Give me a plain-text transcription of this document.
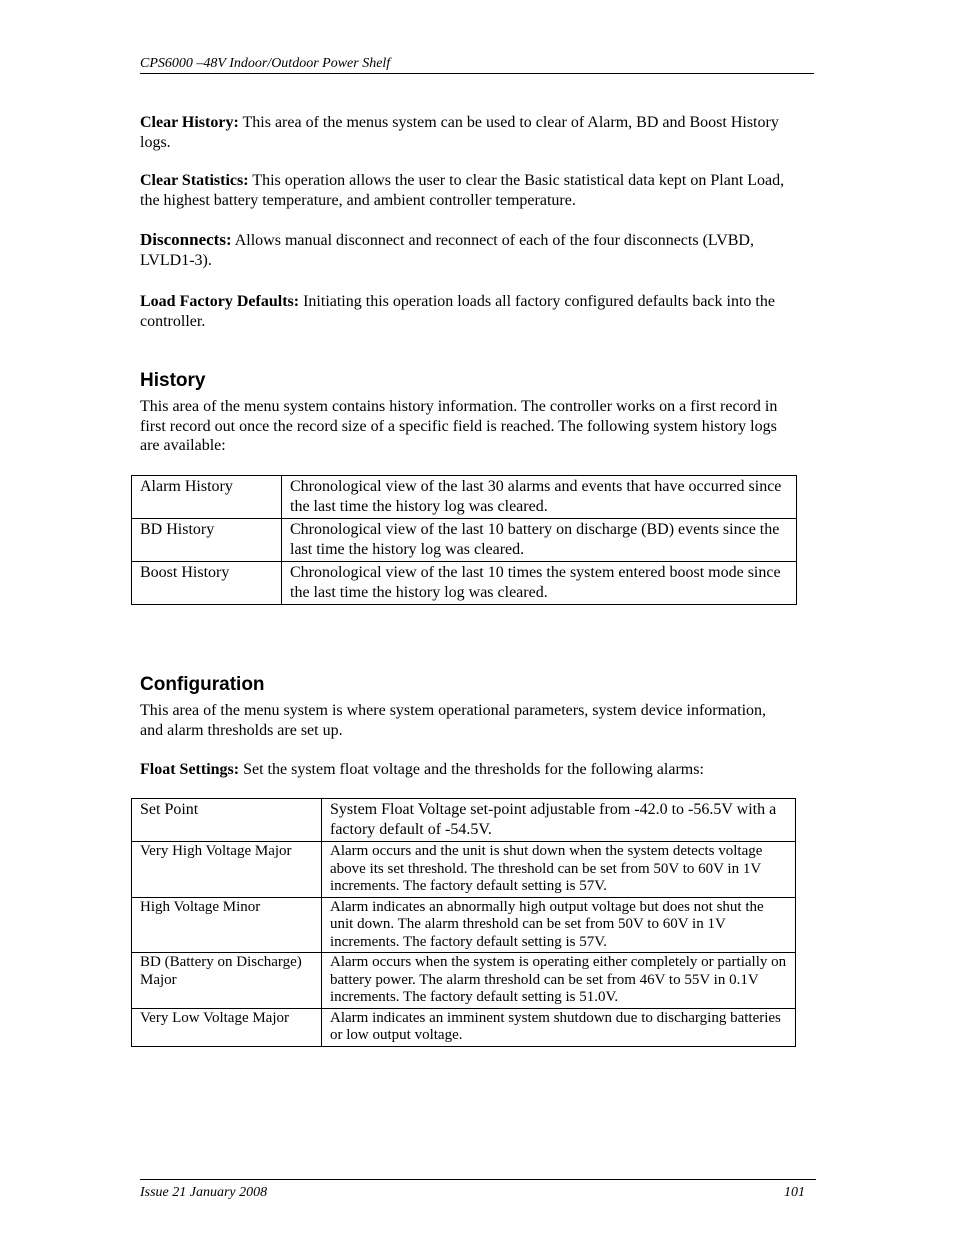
CPS6000 –48V Indoor/Outdoor Power Shelf
Clear History: This area of the menus system can be used to clear of Alarm, BD and Boost History logs.
Clear Statistics: This operation allows the user to clear the Basic statistical data kept on Plant Load, the highest battery temperature, and ambient controller temperature.
Disconnects: Allows manual disconnect and reconnect of each of the four disconnects (LVBD, LVLD1-3).
Load Factory Defaults: Initiating this operation loads all factory configured defaults back into the controller.
History
This area of the menu system contains history information. The controller works on a first record in first record out once the record size of a specific field is reached. The following system history logs are available:
Alarm History	Chronological view of the last 30 alarms and events that have occurred since the last time the history log was cleared.
BD History	Chronological view of the last 10 battery on discharge (BD) events since the last time the history log was cleared.
Boost History	Chronological view of the last 10 times the system entered boost mode since the last time the history log was cleared.
Configuration
This area of the menu system is where system operational parameters, system device information, and alarm thresholds are set up.
Float Settings: Set the system float voltage and the thresholds for the following alarms:
Set Point	System Float Voltage set-point adjustable from -42.0 to -56.5V with a factory default of -54.5V.
Very High Voltage Major	Alarm occurs and the unit is shut down when the system detects voltage above its set threshold. The threshold can be set from 50V to 60V in 1V increments. The factory default setting is 57V.
High Voltage Minor	Alarm indicates an abnormally high output voltage but does not shut the unit down. The alarm threshold can be set from 50V to 60V in 1V increments. The factory default setting is 57V.
BD (Battery on Discharge) Major	Alarm occurs when the system is operating either completely or partially on battery power. The alarm threshold can be set from 46V to 55V in 0.1V increments. The factory default setting is 51.0V.
Very Low Voltage Major	Alarm indicates an imminent system shutdown due to discharging batteries or low output voltage.
Issue 21 January 2008	101
